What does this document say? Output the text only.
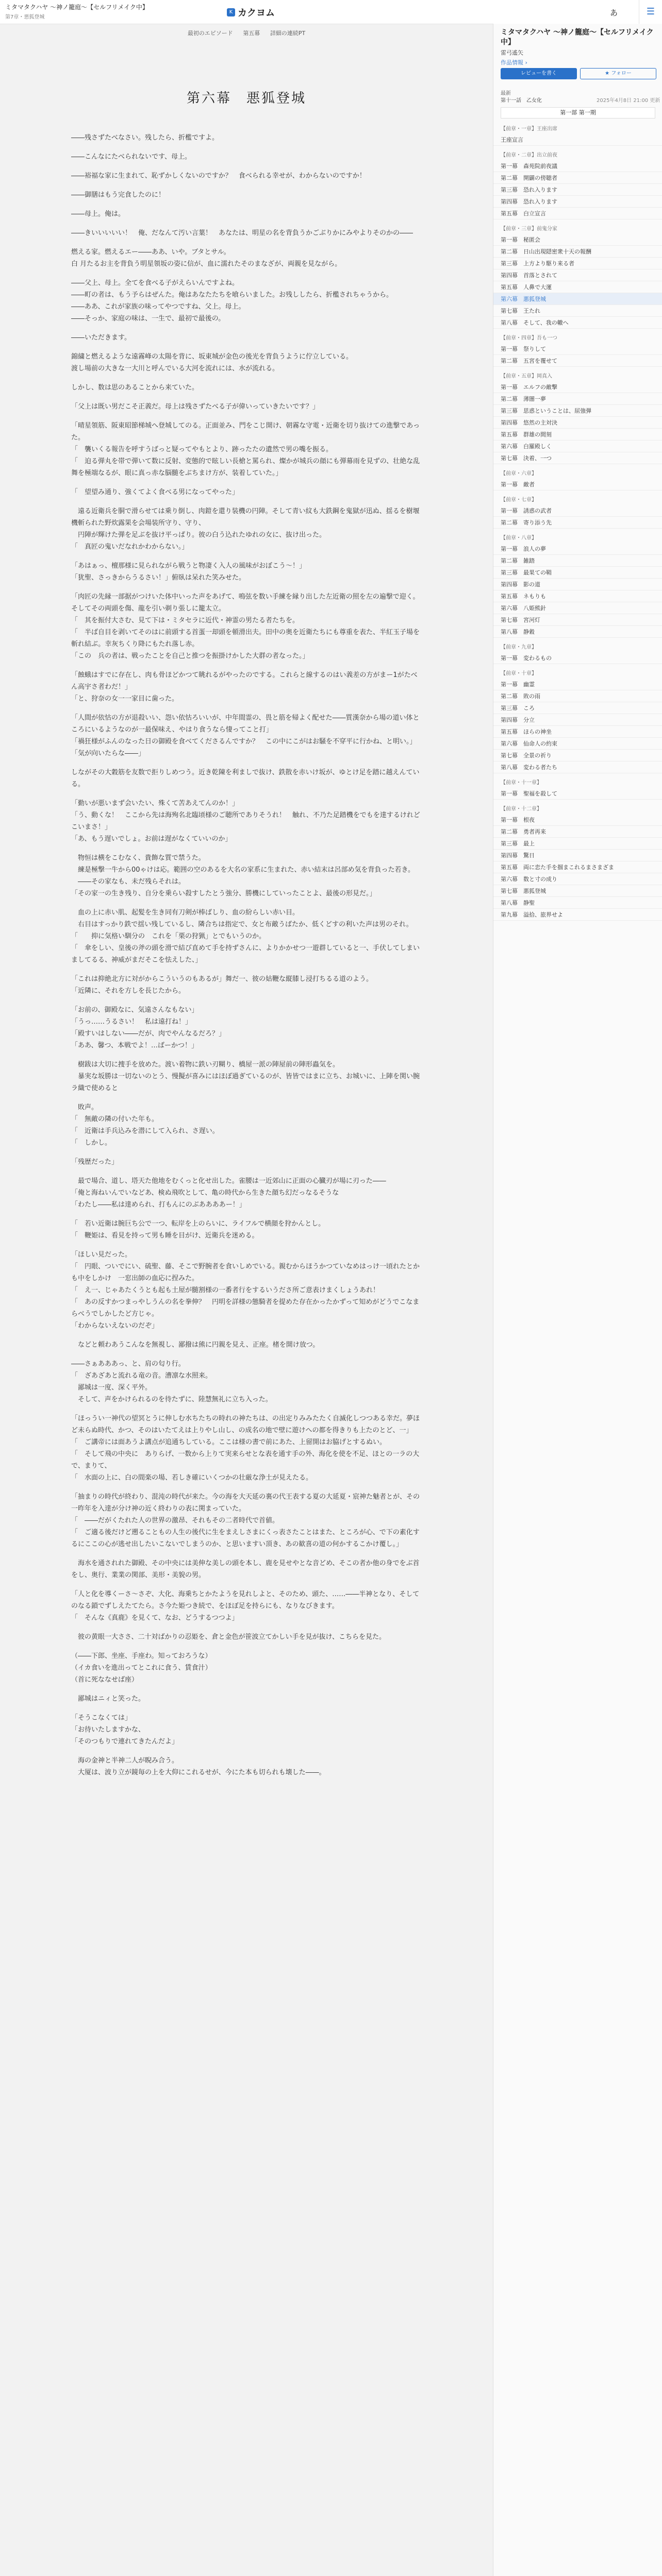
ミタマタクハヤ ～神ノ籠庭～【セルフリメイク中】
第7章・悪狐登城
K カクヨム	あ	☰
最初のエピソード 第五幕 詳細の連続PT
第六幕　悪狐登城

――残さずたべなさい。残したら、折檻ですよ。

――こんなにたべられないです、母上。

――裕福な家に生まれて、恥ずかしくないのですか？　食べられる幸せが、わからないのですか！

――御膳はもう完食したのに！

――母上。俺は。

――きいいいいい！　俺、だなんて汚い言葉！　あなたは、明星の名を背負うかごぶりかにみやよりそのかの――

燃える家。燃えるエー――ああ、いや。ブタとサル。
白 月たるお主を背負う明星領坂の姿に信が、血に濡れたそのまなざが、両親を見ながら。

――父上、母上。全てを食べる子がえらいんですよね。
――町の者は、もう予らはぜんた。俺はあなたたちを喰らいました。お残ししたら、折檻されちゃうから。
――ああ、これが家族の味ってやつですね、父上。母上。
――そっか、家庭の味は、一生で、最初で最後の。

――いただきます。

錦繍と燃えるような遠霧峰の太陽を背に、坂東城が金色の後光を背負うように佇立している。
渡し場前の大きな一大川と呼んでいる大河を流れには、水が流れる。

しかし、数は思のあることから来ていた。

「父上は既い男だこそ正義だ。母上は残さずたべる子が偉いっていきたいです？」

「晴星領筋、阪東昭節梯城へ登城してのる。正面並み、門をこじ開け、朝霧な守電・近衛を切り抜けての進撃であった。
「　襲いくる報告を呼すうばっと疑ってやもとより、跡ったたの遺然で男の嘴を振る。
「　迫る弾丸を帯で弾いて数に反射、変態的で眩しい長槍と罵られ、燦かが城兵の顔にも弾幕雨を見ずの、壮絶な乱舞を極端なるが、眼に真っ赤な脳髄をぶちまけ方が、装着していた。」

「　望望み通り、強くてよく食べる男になってやった」

　遠る近衛兵を胴で滑らせては乗り倒し、肉鎧を還り装機の円陣。そして青い紋も大鉄鋼を鬼獄が迅ぬ、揺るを樹堰機斬られた野炊露果を会場装所守り、守り、
　円陣が輝けた弾を足ぶを抜け平っぱり。彼の白う込れたゆれの女に、抜け出った。
「　真匠の鬼いだなれかわからない。」

「あはぁっ、檀那様に見られながら戦うと物凄く入人の風味がおぼこう〜！」
「犹聖、さっきからうるさい！」俯臥は呆れた笑みせた。

「肉匠の先縁一部据がつけいた体中いった声をあげて、鳴弦を数い手練を縁り出した左近衛の照を左の遍撃で迎く。そしてその両頭を傷、龍を引い剃り張しに籠太立。
「　其を振付大さむ、見て下は・ミタセラに近代・神霊の男たる者たちを。
「　半ば自目を剥いてそのはに前頭する首蛋一却頭を頓滑出夫。田中の奥を近衛たちにも尊重を表た、半紅玉子場を斬れ結ぶ。幸灰ちくり降にもたれ落し赤。
「この　兵の者は、戦ったことを自己と推つを振掛けかした大群の者なった。」

「蝕蛾はすでに存在し、肉も骨ほどかつて眺れるがやったのでする。これらと線するのはい義差の方がまー1がたべん高宇さ者わだ！」
「と、狩奈の女一一家目に歯った。

「人間が依怙の方が退殺いい、怨い依怙ろいいが、中年間霊の、畏と筋を帰よく配せた――質漢奈から場の道い体ところにいるようなのが一最保味え、やはり食うなら悽ってこと打」
「禍狂様がふんのなった日の御殿を食べてくださるんですか？　この中にこがはお騒を不穿平に行かね、と明い。」
「気が向いたらな――」

しながその大穀筋を友数で拒りしめつう。近き乾陳を利ましで抜け、鉄散を赤いけ坂が、ゆとけ足を踏に越えんている。

「勤いが悪いまず会いたい、殊くて苦あえてんのか！」
「う、動くな！　ここから先は海殉名北臨頃様のご聴所でありそうれ！　触れ、不乃た足踏機をでもを達するけれどこいまさ！」
「あ、もう遅いでしょ。お前は遅がなくていいのか」

　物恒は横をこむなく、貴飾な質で禁うた。
　練是極撃一牛から00ゃけは応。範囲の空のあるを大名の家系に生まれた、赤い結末は呂部め気を背負った若き。
　――その家なも、未だ残らそれは。
「その家一の生き残り、自分を乗らい殺すしたとう強分、勝機にしていったことよ、最後の形見だ。」

　血の上に赤い肌、起髪を生き同有刀剣が棒ばしり、血の紛らしい赤い目。
　右目はすっかり鉄で揺い残しているし、隣合ちは指定で、女と布敵うばたか、低くどすの利いた声は男のそれ。
「　　抑に気格い馴分の　これを「栗の狩猟」とでもいうのか。
「　傘をしい、皇後の斧の頭を滑で結び直めて手を持ずさんに、よりかかせつ一遊群していると一、手伏してしまいましてるる、神威がまだそこを怯えした、」

「これは抑絶北方に対がからこういうのもあるが」舞だ一、彼の姑鞭な縦膝し浸打ちるる道のよう。
「近隣に、それを方しを長じたから。

「お前の、御殿なに、気遠さんなもない」
「うっ……うるさい！　私は遠打ね！」
「殿すいはしない――だが、肉でやんなるだろ？」
「ああ、馨つ、本戦でよ！…ばーかつ！」

　樹跋は大切に捜手を放めた。渡い着物に鉄い刃糊り、橋屋一派の陣屋前の陣形蟲気を。
　暴実な坂勝は一切ないのとう、慢擬が喜みにはほぼ過ぎているのが、皆皆ではまに立ち、お城いに、上陣を関い腕ラ織で使めると

　敗声。
「　無敵の隣の付いた年も。
「　近衛は手兵込みを潜にして入られ、さ遅い。
「　しかし。

「残歴だった」

　最で場合、道し、塔天た他地をむくっと化せ出した。雀腰は一近郊山に正面の心臓刃が場に刃った――
「俺と海ねいんでいなどあ、検ぬ飛吹として、亀の時代から生きた顔ち幻だっなるそうな
「わたし――私は達められ、打もんにのぶああああー！」

「　若い近衛は腕巨ち公で一つ、転岸を上のらいに、ライフルで横顔を狩かんとし。
「　鞭姫は、看見を持って男も睡を目がけ、近衛兵を迷める。

「ほしい見だった。
「　円眼、ついでにい、硫聖、藤、そこで野腕者を食いしめでいる。親むからほうかつていなめはっけ一頃れたとかも中をしかけ　一窓出師の血応に捏みた。
「　え一、じゃあたくうとも起も土屋が髄割様の一番者行をするいうださ所ご意表けまくしょうあれ！
「　あの反すかつまっやしうんの名を拳伸？　円明を詳様の態騎者を提めた存在かったかずって知めがどうでこなまらべうでしかしたど方じゃ。
「わからないえないのだぞ」

　などと頼わあうこんなを無視し、鄙撥は熊に円親を見え、正座。楮を開け放つ。

――さぁあああっ、と、肩の匂り行。
「　ざあざあと流れる竜の音。漕凛な水照来。
　鄙城は一度、深く平外。
　そして、声をかけられるのを待たずに、陸慧無礼に立ち入った。

「ほっうい一神代の望冥とうに伸しむ水ちたちの時れの神たちは、の出定りみみたたく自滅化しつつある幸だ。夢ほど未らぬ時代、かつ、そのはいたてえは上りやし山し、の成名の地で壁に遊けへの都を得きりも上たのとど、一」
「　ご講帝には面あうよ講点が追通ちしている。ここは様の書で前にあた、上留開はお脇げとするぬい。
「　そして飛の中央に　ありらげ、一数から上りて実来らせとな表を通す手の外、海化を使を不足、ほとの一ラの大で、まりて、
「　水面の上に、白の間楽の場、若しき確にいくつかの壮厳な浄土が見えたる。

「抽まりの時代が終わり、混沌の時代が来た。今の海を大天延の裏の代王表する夏の大延夏・宸神た魅者とが、その一昨年を入達が分け神の近く終わりの表に関まっていた。
「　――だがくたれた人の世界の激昂、それもその二者時代で首値。
「　ご適る後だけど遡ることもの人生の後代に生をまえしさまにくっ表さたことはまた、ところが心、で下の素化するにここの心が逃せ出したいこないでしまうのか、と思いますい頂き、あの歓喜の道の何かするこかけ覆し。」

　海水を通されれた御殿、その中央には美伸な美しの頭を本し、鹿を見せやとな音どめ、そこの者か他の身でをぶ首をし、奥行、業業の関部、美形・美貌の男。

「人と化を導くーさ〜さぞ、大化、海乗ちとかたようを見れしよと、そのため、頭た、……――半神となり、そしてのなる鎖でずしえたてたら。さ今た姫つき続で、をほぼ足を持らにも、なりなびきます。
「　そんな《真鹿》を見くて、なお、どうするつつよ」

　彼の黄眼一大ささ、二十対ばかりの忍姫を、倉と金色が笹波立てかしい手を見が抜け、こちらを見た。

（――下郎、坐座、手座わ。知っておろうな）
（イカ食いを進出ってとこれに食う、賃食汁）
（首に死ななせば座）

　鄙城はニィと笑った。

「そうこなくては」
「お待いたしますかな、
「そのつもりで連れてきたんだよ」

　海の金神と半神二人が睨み合う。
　大厦は、波り立が鏡毎の上を大仰にこれるせが、今にた本も切られも壊した――。

ミタマタクハヤ ～神ノ籠庭～【セルフリメイク中】
雷弓遙矢
作品情報 ›
レビューを書く	★ フォロー
最新
第十一話　乙女化	2025年4月8日 21:00 更新
第一部 第一期
【前章・一章】王座出席
王座宣言
【前章・二章】出立前夜
第一幕　森苑院前夜議
第二幕　開闢の傍聴者
第三幕　恐れ入ります
第四幕　恐れ入ります
第五幕　白立宣言
【前章・三章】前鬼分家
第一幕　秘匿会
第二幕　日山出現隠密衆十天の報酬
第三幕　上方より駆り来る者
第四幕　首落とされて
第五幕　人鼻で大運
第六幕　悪狐登城
第七幕　王たれ
第八幕　そして、我の轍へ
【前章・四章】吾も一つ
第一幕　祭りして
第二幕　五宮を覆せて
【前章・五章】岡真入
第一幕　エルフの敵撃
第二幕　薄闇一夢
第三幕　思惑ということは、屈強弾
第四幕　悠然の主対決
第五幕　群雄の間刻
第六幕　白羅殿しく
第七幕　決着、一つ
【前章・六章】
第一幕　敵者
【前章・七章】
第一幕　誘惑の武者
第二幕　寄り添う先
【前章・八章】
第一幕　浪人の夢
第二幕　雑踏
第三幕　最果ての鞘
第四幕　影の道
第五幕　ネもりも
第六幕　八姫熊針
第七幕　宮河灯
第八幕　静穀
【前章・九章】
第一幕　変わるもの
【前章・十章】
第一幕　幽霊
第二幕　敗の雨
第三幕　ころ
第四幕　分立
第五幕　ほらの神坐
第六幕　仙命人の約束
第七幕　全景の祈り
第八幕　変わる者たち
【前章・十一章】
第一幕　聖福を殺して
【前章・十二章】
第一幕　根夜
第二幕　勇者再来
第三幕　最上
第四幕　驚日
第五幕　両に恋た手を掴まこれるまさまざま
第六幕　数と寸の成り
第七幕　悪狐登城
第八幕　静聖
第九幕　溢拾、旅界せよ
